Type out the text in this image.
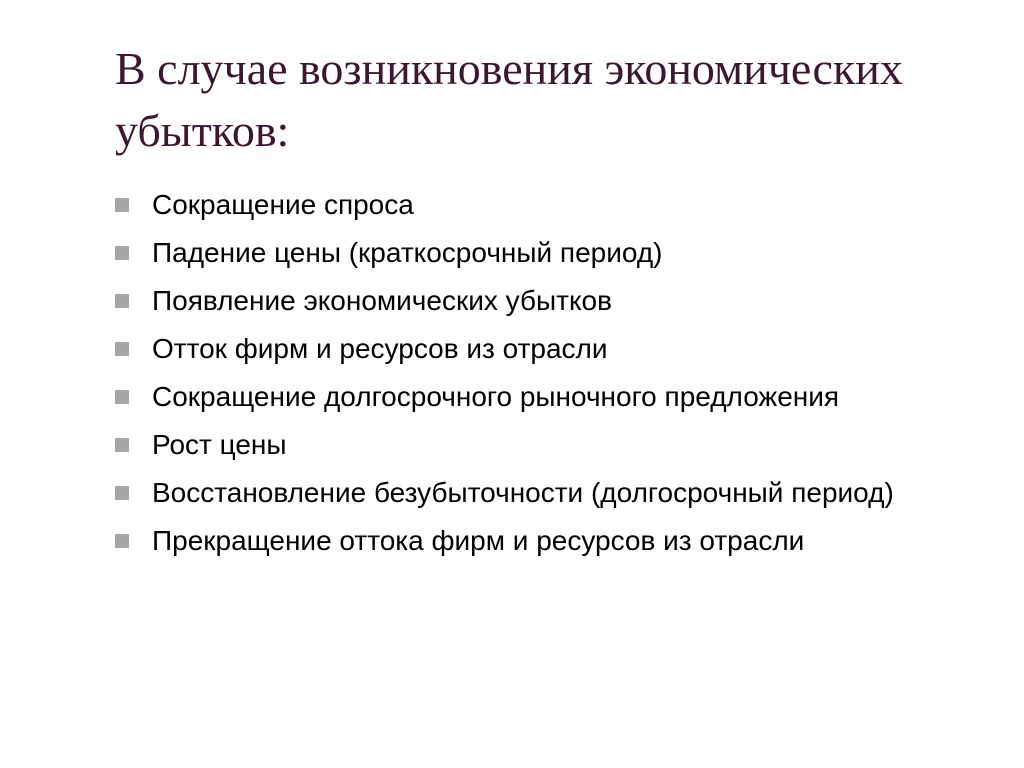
В случае возникновения экономических убытков:
Сокращение спроса
Падение цены (краткосрочный период)
Появление экономических убытков
Отток фирм и ресурсов из отрасли
Сокращение долгосрочного рыночного предложения
Рост цены
Восстановление безубыточности (долгосрочный период)
Прекращение оттока фирм и ресурсов из отрасли
